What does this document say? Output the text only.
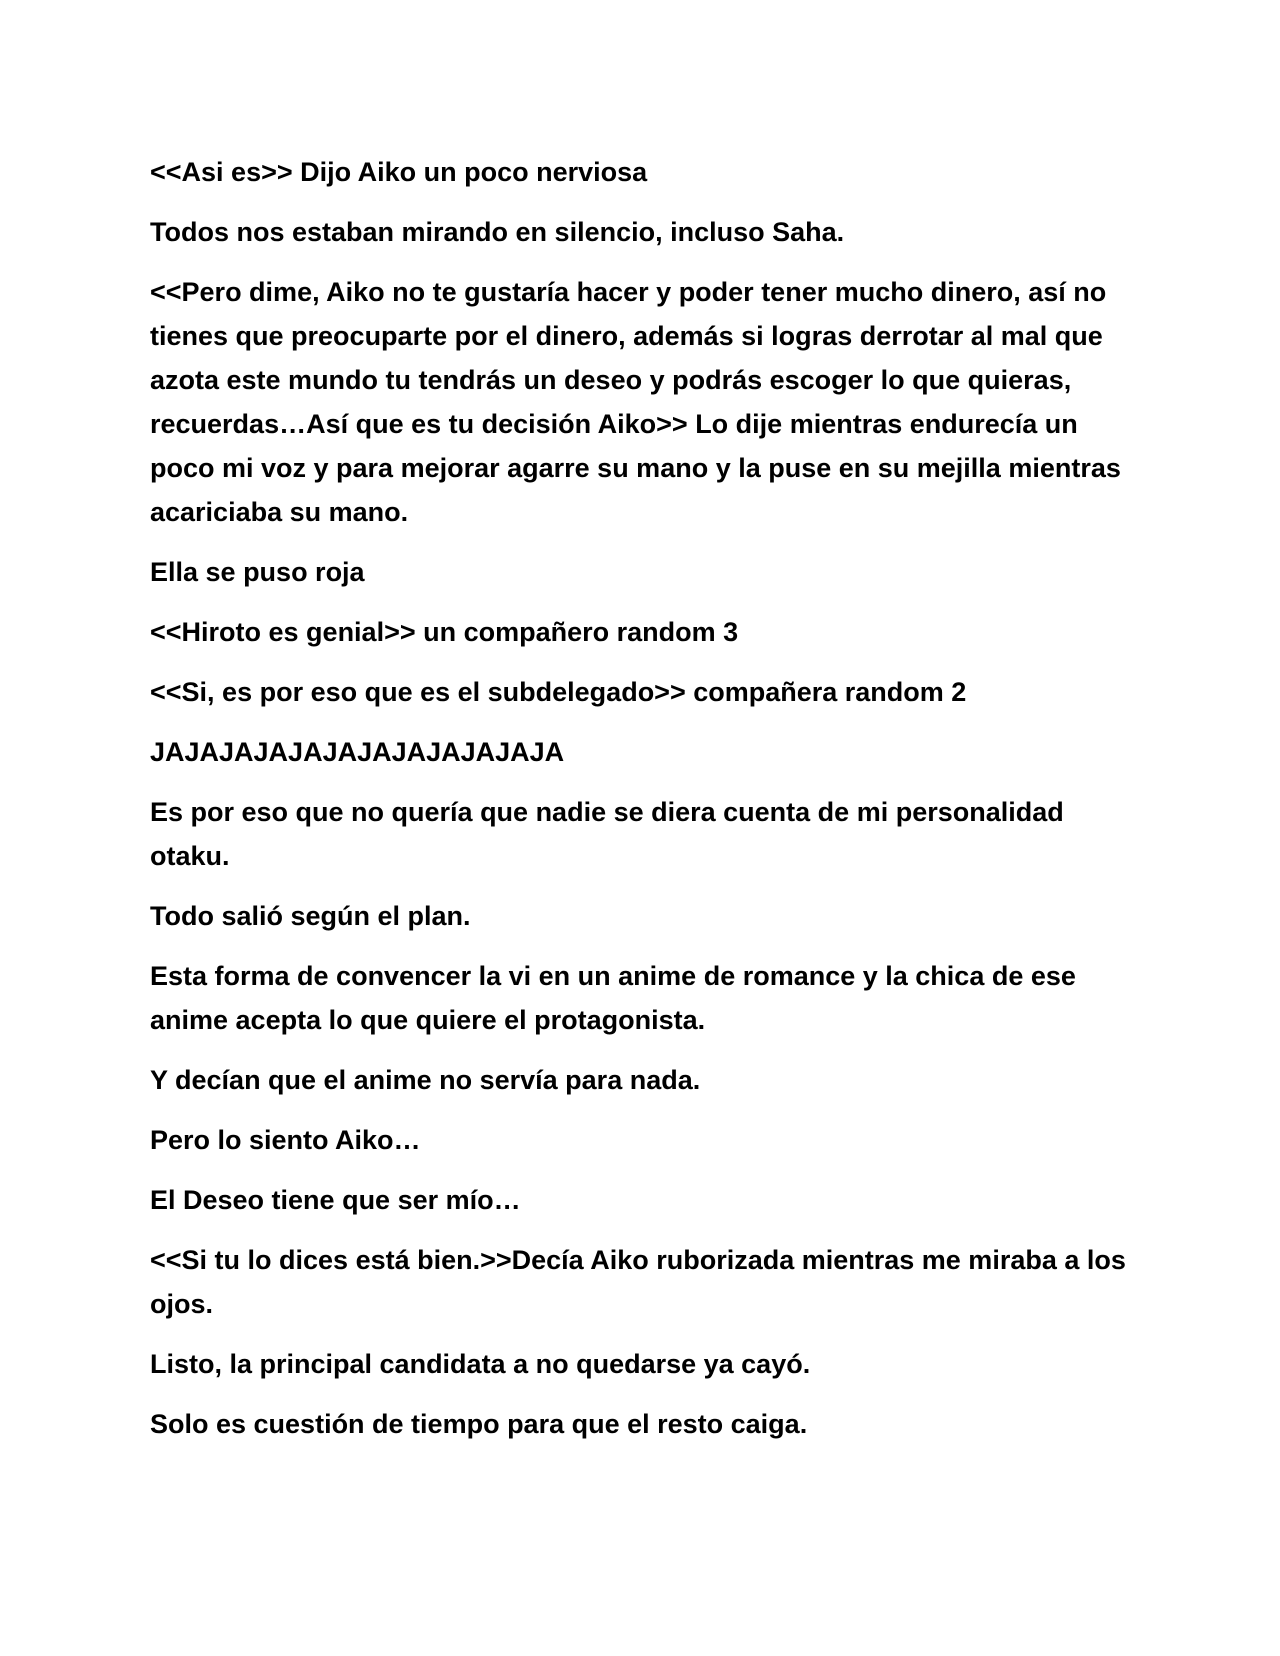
<<Asi es>> Dijo Aiko un poco nerviosa

Todos nos estaban mirando en silencio, incluso Saha.

<<Pero dime, Aiko no te gustaría hacer y poder tener mucho dinero, así no tienes que preocuparte por el dinero, además si logras derrotar al mal que azota este mundo tu tendrás un deseo y podrás escoger lo que quieras, recuerdas…Así que es tu decisión Aiko>> Lo dije mientras endurecía un poco mi voz y para mejorar agarre su mano y la puse en su mejilla mientras acariciaba su mano.

Ella se puso roja

<<Hiroto es genial>> un compañero random 3

<<Si, es por eso que es el subdelegado>> compañera random 2

JAJAJAJAJAJAJAJAJAJAJAJA

Es por eso que no quería que nadie se diera cuenta de mi personalidad otaku.

Todo salió según el plan.

Esta forma de convencer la vi en un anime de romance y la chica de ese anime acepta lo que quiere el protagonista.

Y decían que el anime no servía para nada.

Pero lo siento Aiko…

El Deseo tiene que ser mío…

<<Si tu lo dices está bien.>>Decía Aiko ruborizada mientras me miraba a los ojos.

Listo, la principal candidata a no quedarse ya cayó.

Solo es cuestión de tiempo para que el resto caiga.
